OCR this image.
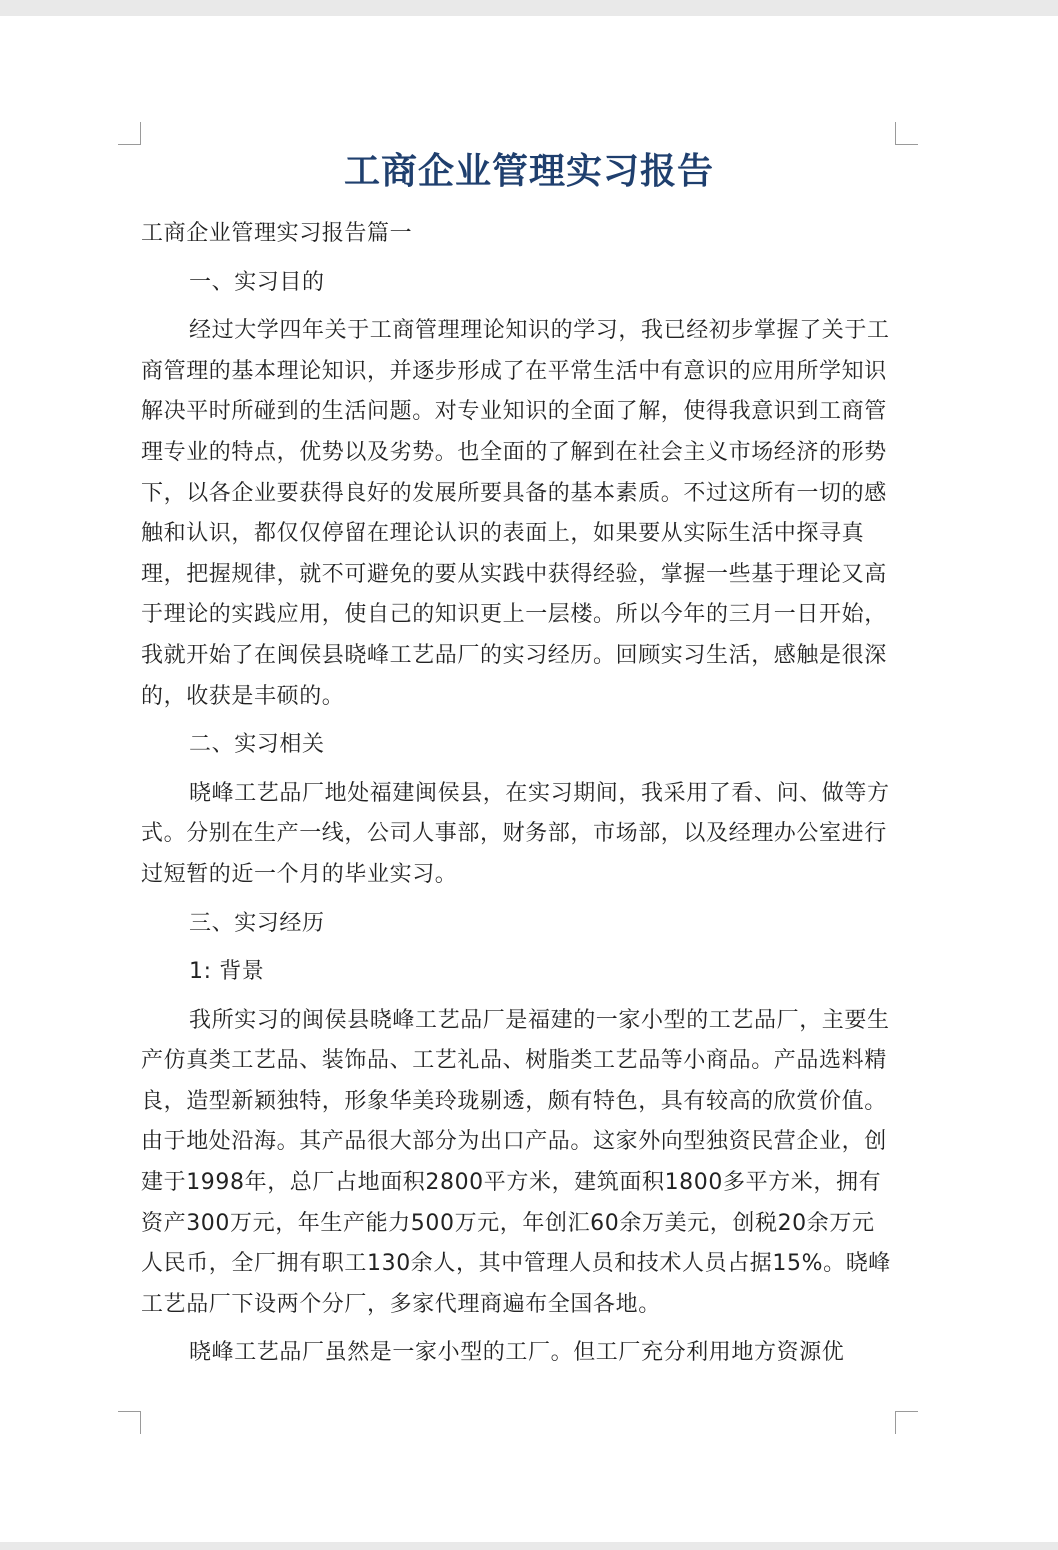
工商企业管理实习报告

工商企业管理实习报告篇一

一、实习目的

经过大学四年关于工商管理理论知识的学习，我已经初步掌握了关于工商管理的基本理论知识，并逐步形成了在平常生活中有意识的应用所学知识解决平时所碰到的生活问题。对专业知识的全面了解，使得我意识到工商管理专业的特点，优势以及劣势。也全面的了解到在社会主义市场经济的形势下，以各企业要获得良好的发展所要具备的基本素质。不过这所有一切的感触和认识，都仅仅停留在理论认识的表面上，如果要从实际生活中探寻真理，把握规律，就不可避免的要从实践中获得经验，掌握一些基于理论又高于理论的实践应用，使自己的知识更上一层楼。所以今年的三月一日开始，我就开始了在闽侯县晓峰工艺品厂的实习经历。回顾实习生活，感触是很深的，收获是丰硕的。

二、实习相关

晓峰工艺品厂地处福建闽侯县，在实习期间，我采用了看、问、做等方式。分别在生产一线，公司人事部，财务部，市场部，以及经理办公室进行过短暂的近一个月的毕业实习。

三、实习经历

1: 背景

我所实习的闽侯县晓峰工艺品厂是福建的一家小型的工艺品厂，主要生产仿真类工艺品、装饰品、工艺礼品、树脂类工艺品等小商品。产品选料精良，造型新颖独特，形象华美玲珑剔透，颇有特色，具有较高的欣赏价值。由于地处沿海。其产品很大部分为出口产品。这家外向型独资民营企业，创建于1998年，总厂占地面积2800平方米，建筑面积1800多平方米，拥有资产300万元，年生产能力500万元，年创汇60余万美元，创税20余万元人民币，全厂拥有职工130余人，其中管理人员和技术人员占据15%。晓峰工艺品厂下设两个分厂，多家代理商遍布全国各地。

晓峰工艺品厂虽然是一家小型的工厂。但工厂充分利用地方资源优
